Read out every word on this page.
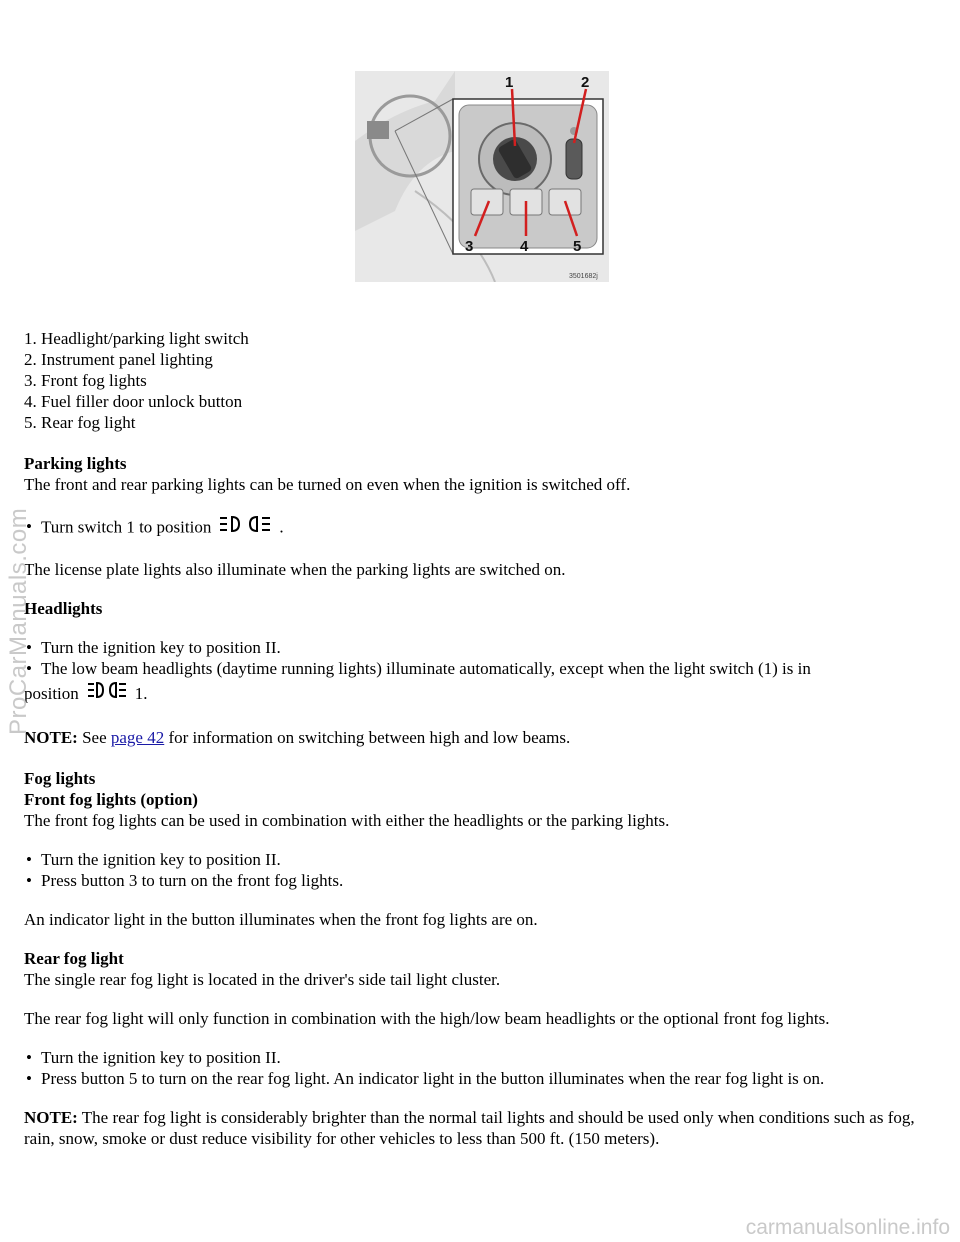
1	2
3	4	5
3501682j

1. Headlight/parking light switch

2. Instrument panel lighting

3. Front fog lights

4. Fuel filler door unlock button

5. Rear fog light

Parking lights

The front and rear parking lights can be turned on even when the ignition is switched off.

• Turn switch 1 to position	.

The license plate lights also illuminate when the parking lights are switched on.

Headlights

• Turn the ignition key to position II.
• The low beam headlights (daytime running lights) illuminate automatically, except when the light switch (1) is in

position	1.

NOTE: See page 42 for information on switching between high and low beams.

Fog lights

Front fog lights (option)

The front fog lights can be used in combination with either the headlights or the parking lights.

• Turn the ignition key to position II.
• Press button 3 to turn on the front fog lights.

An indicator light in the button illuminates when the front fog lights are on.

Rear fog light

The single rear fog light is located in the driver's side tail light cluster.

The rear fog light will only function in combination with the high/low beam headlights or the optional front fog lights.

• Turn the ignition key to position II.
• Press button 5 to turn on the rear fog light. An indicator light in the button illuminates when the rear fog light is on.

NOTE: The rear fog light is considerably brighter than the normal tail lights and should be used only when conditions such as fog, rain, snow, smoke or dust reduce visibility for other vehicles to less than 500 ft. (150 meters).

ProCarManuals.com
carmanualsonline.info
